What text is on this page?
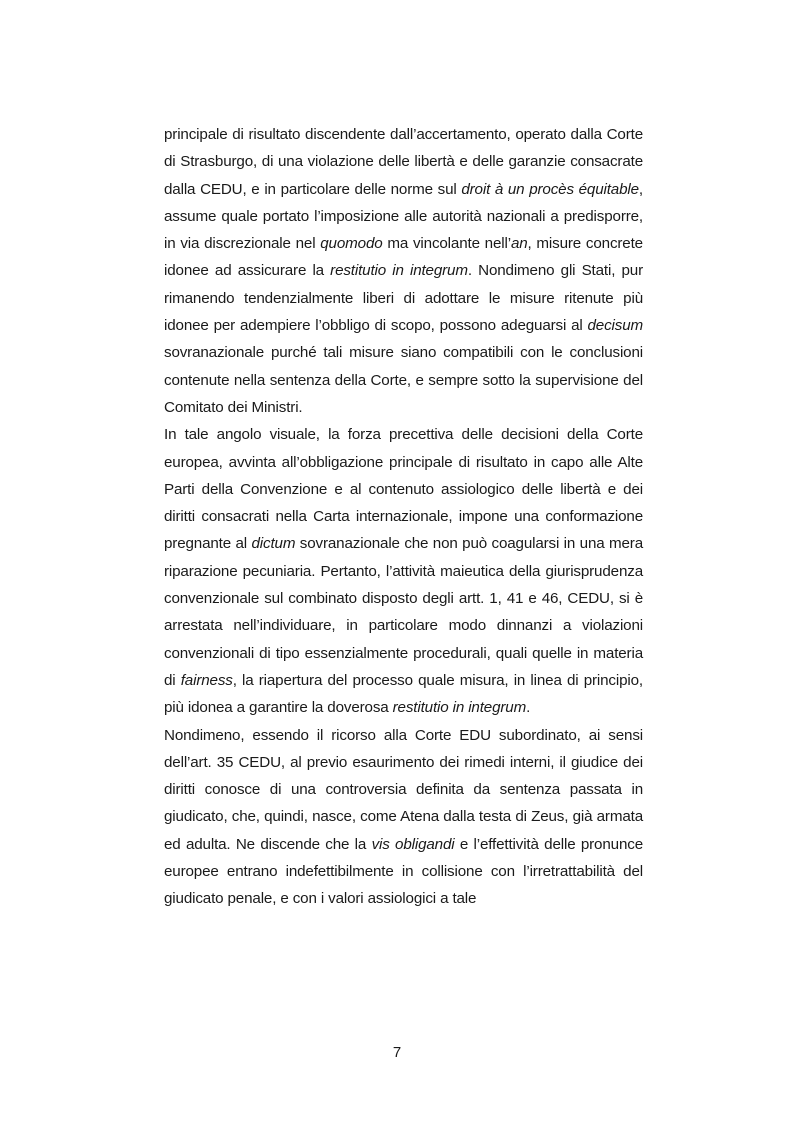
principale di risultato discendente dall’accertamento, operato dalla Corte di Strasburgo, di una violazione delle libertà e delle garanzie consacrate dalla CEDU, e in particolare delle norme sul droit à un procès équitable, assume quale portato l’imposizione alle autorità nazionali a predisporre, in via discrezionale nel quomodo ma vincolante nell’an, misure concrete idonee ad assicurare la restitutio in integrum. Nondimeno gli Stati, pur rimanendo tendenzialmente liberi di adottare le misure ritenute più idonee per adempiere l’obbligo di scopo, possono adeguarsi al decisum sovranazionale purché tali misure siano compatibili con le conclusioni contenute nella sentenza della Corte, e sempre sotto la supervisione del Comitato dei Ministri.

In tale angolo visuale, la forza precettiva delle decisioni della Corte europea, avvinta all’obbligazione principale di risultato in capo alle Alte Parti della Convenzione e al contenuto assiologico delle libertà e dei diritti consacrati nella Carta internazionale, impone una conformazione pregnante al dictum sovranazionale che non può coagularsi in una mera riparazione pecuniaria. Pertanto, l’attività maieutica della giurisprudenza convenzionale sul combinato disposto degli artt. 1, 41 e 46, CEDU, si è arrestata nell’individuare, in particolare modo dinnanzi a violazioni convenzionali di tipo essenzialmente procedurali, quali quelle in materia di fairness, la riapertura del processo quale misura, in linea di principio, più idonea a garantire la doverosa restitutio in integrum.

Nondimeno, essendo il ricorso alla Corte EDU subordinato, ai sensi dell’art. 35 CEDU, al previo esaurimento dei rimedi interni, il giudice dei diritti conosce di una controversia definita da sentenza passata in giudicato, che, quindi, nasce, come Atena dalla testa di Zeus, già armata ed adulta. Ne discende che la vis obligandi e l’effettività delle pronunce europee entrano indefettibilmente in collisione con l’irretrattabilità del giudicato penale, e con i valori assiologici a tale

7
